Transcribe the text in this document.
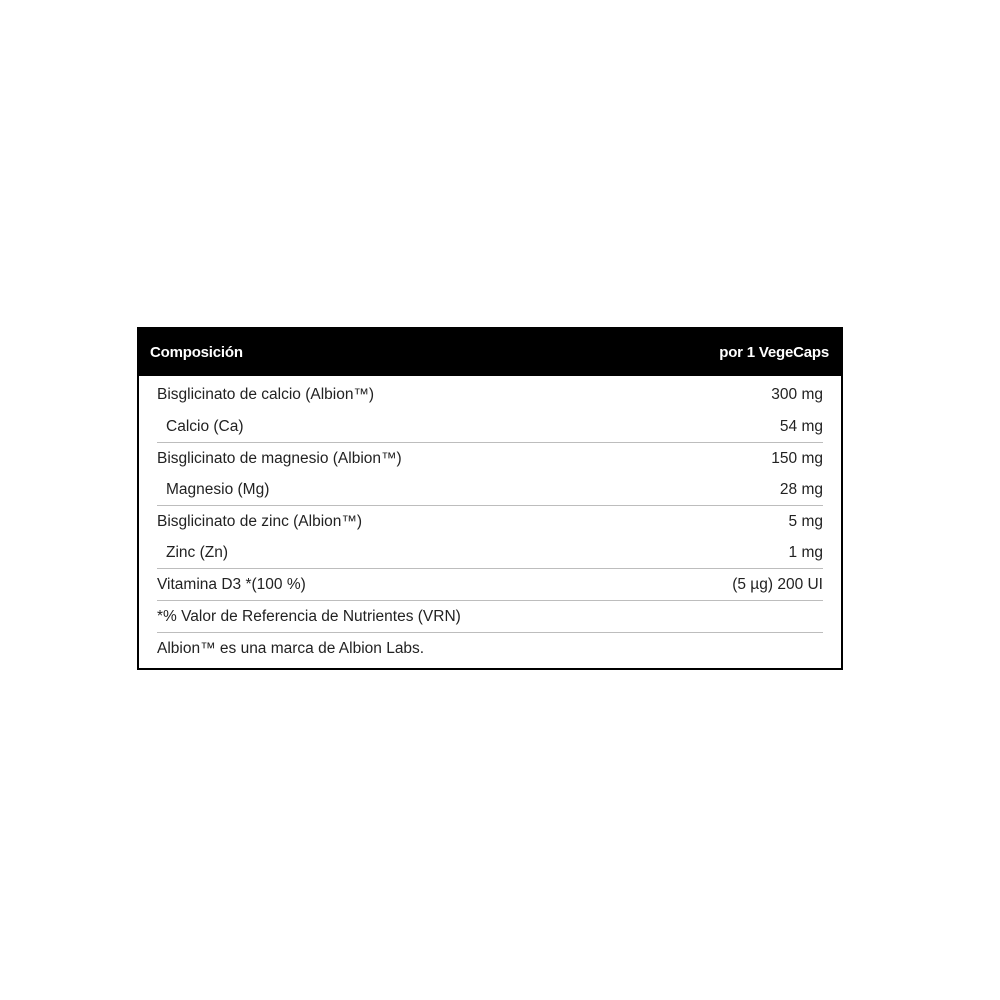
Composición	por 1 VegeCaps
Bisglicinato de calcio (Albion™)	300 mg
Calcio (Ca)	54 mg
Bisglicinato de magnesio (Albion™)	150 mg
Magnesio (Mg)	28 mg
Bisglicinato de zinc (Albion™)	5 mg
Zinc (Zn)	1 mg
Vitamina D3 *(100 %)	(5 µg) 200 UI
*% Valor de Referencia de Nutrientes (VRN)
Albion™ es una marca de Albion Labs.
